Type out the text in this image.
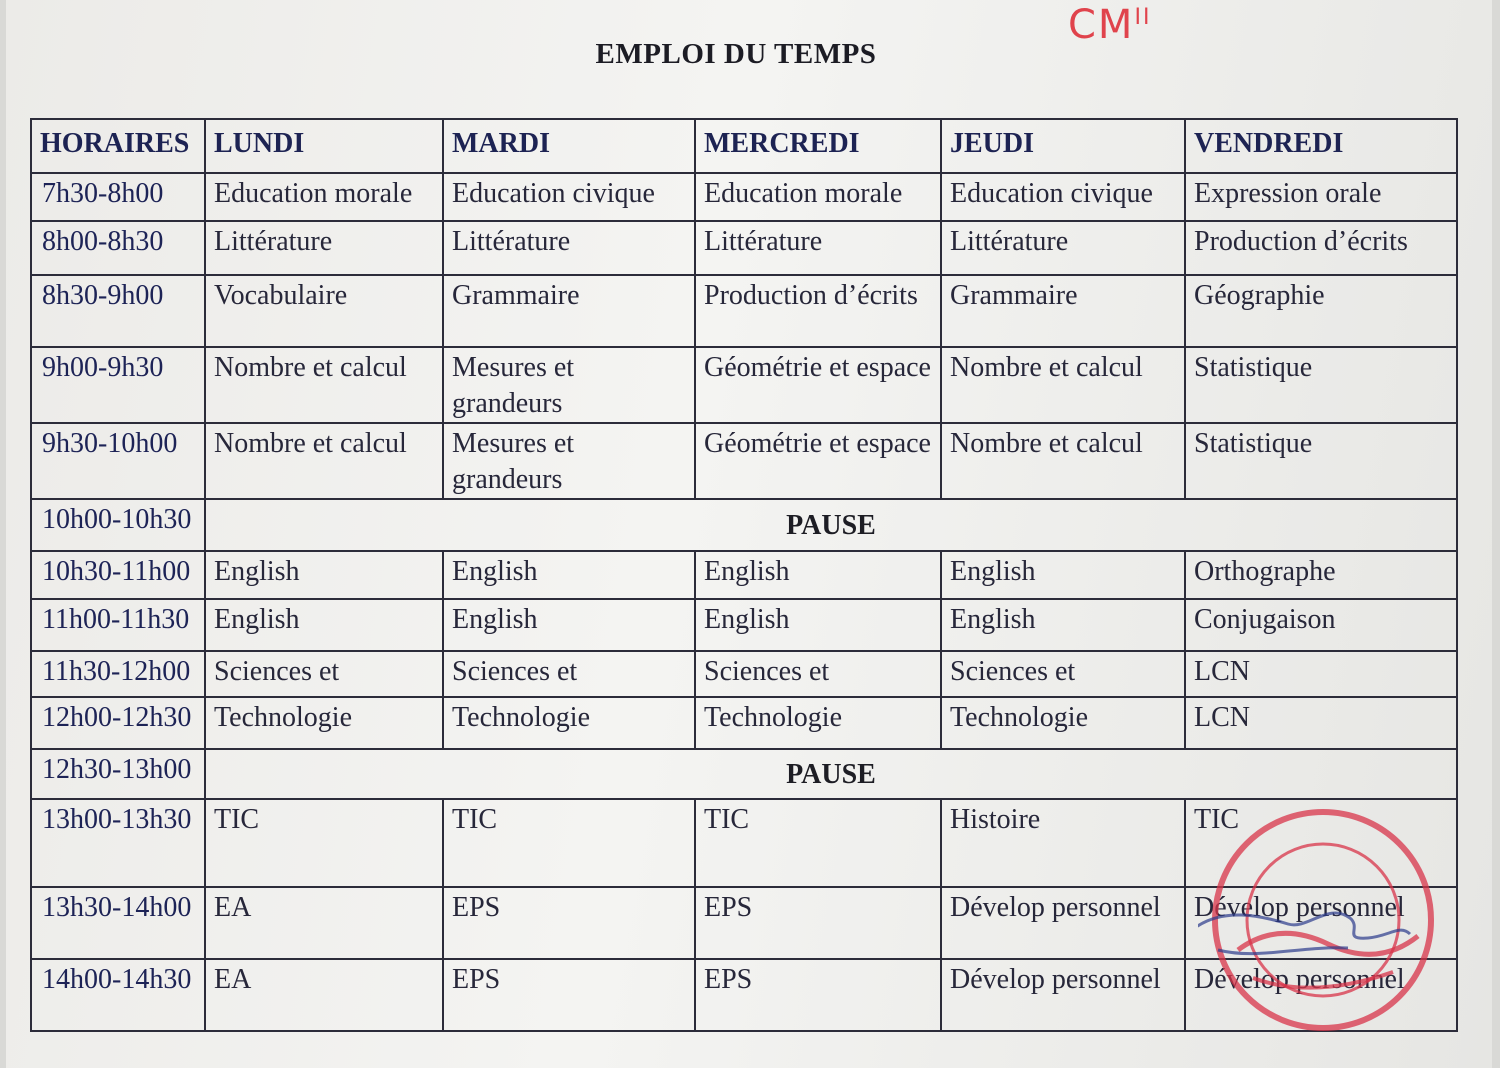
EMPLOI DU TEMPS
$CM^{II}$
HORAIRES	LUNDI	MARDI	MERCREDI	JEUDI	VENDREDI
7h30-8h00	Education morale	Education civique	Education morale	Education civique	Expression orale
8h00-8h30	Littérature	Littérature	Littérature	Littérature	Production d’écrits
8h30-9h00	Vocabulaire	Grammaire	Production d’écrits	Grammaire	Géographie
9h00-9h30	Nombre et calcul	Mesures et grandeurs	Géométrie et espace	Nombre et calcul	Statistique
9h30-10h00	Nombre et calcul	Mesures et grandeurs	Géométrie et espace	Nombre et calcul	Statistique
10h00-10h30	PAUSE				
10h30-11h00	English	English	English	English	Orthographe
11h00-11h30	English	English	English	English	Conjugaison
11h30-12h00	Sciences et	Sciences et	Sciences et	Sciences et	LCN
12h00-12h30	Technologie	Technologie	Technologie	Technologie	LCN
12h30-13h00	PAUSE				
13h00-13h30	TIC	TIC	TIC	Histoire	TIC
13h30-14h00	EA	EPS	EPS	Dévelop personnel	Dévelop personnel
14h00-14h30	EA	EPS	EPS	Dévelop personnel	Dévelop personnel
